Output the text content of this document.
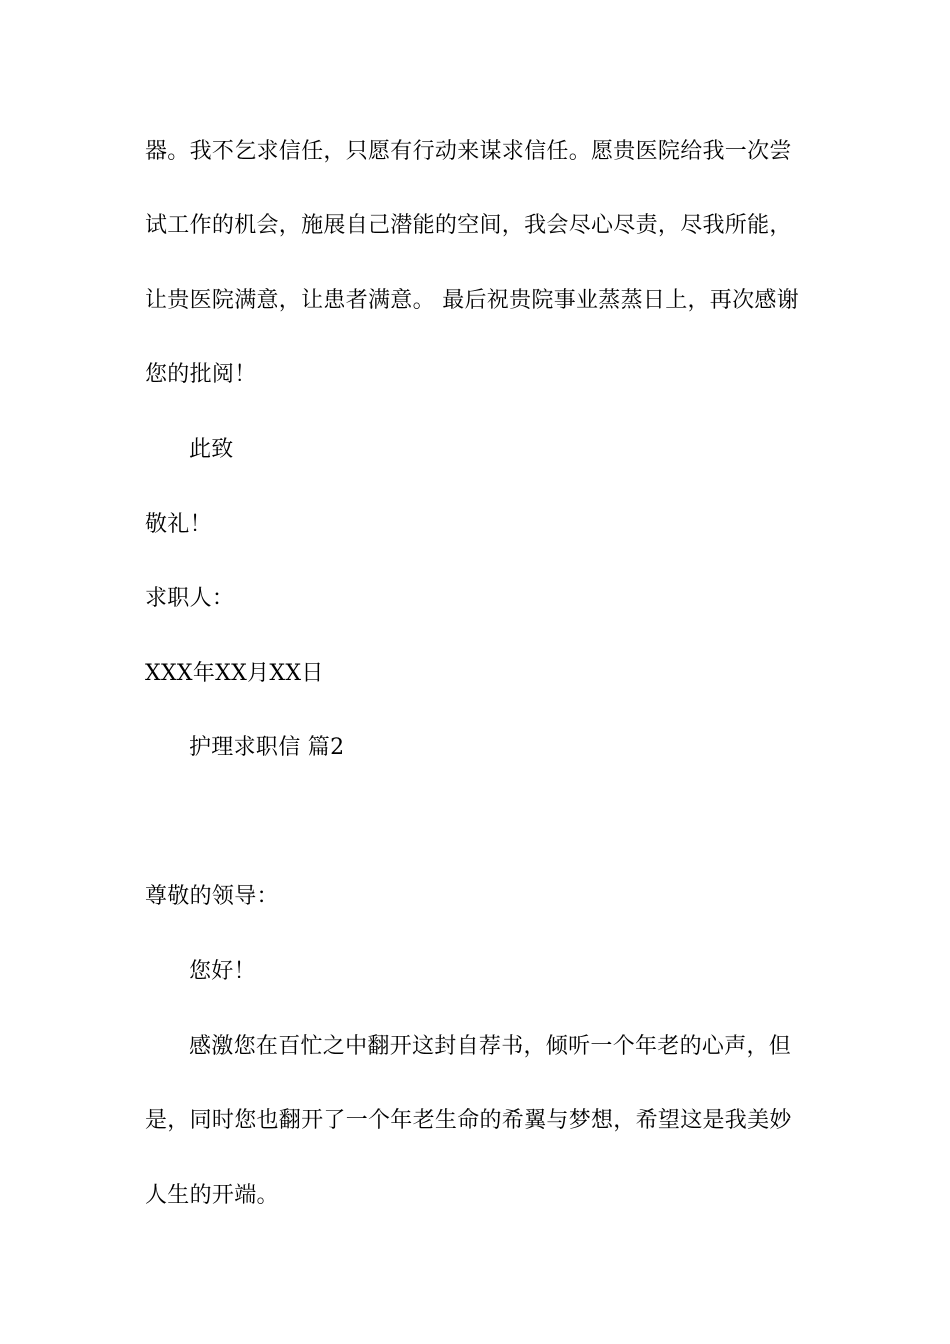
器。我不乞求信任，只愿有行动来谋求信任。愿贵医院给我一次尝
试工作的机会，施展自己潜能的空间，我会尽心尽责，尽我所能，
让贵医院满意，让患者满意。 最后祝贵院事业蒸蒸日上，再次感谢
您的批阅！
此致
敬礼！
求职人：
XXX年XX月XX日
护理求职信 篇2
尊敬的领导：
您好！
感激您在百忙之中翻开这封自荐书，倾听一个年老的心声，但
是，同时您也翻开了一个年老生命的希翼与梦想，希望这是我美妙
人生的开端。
